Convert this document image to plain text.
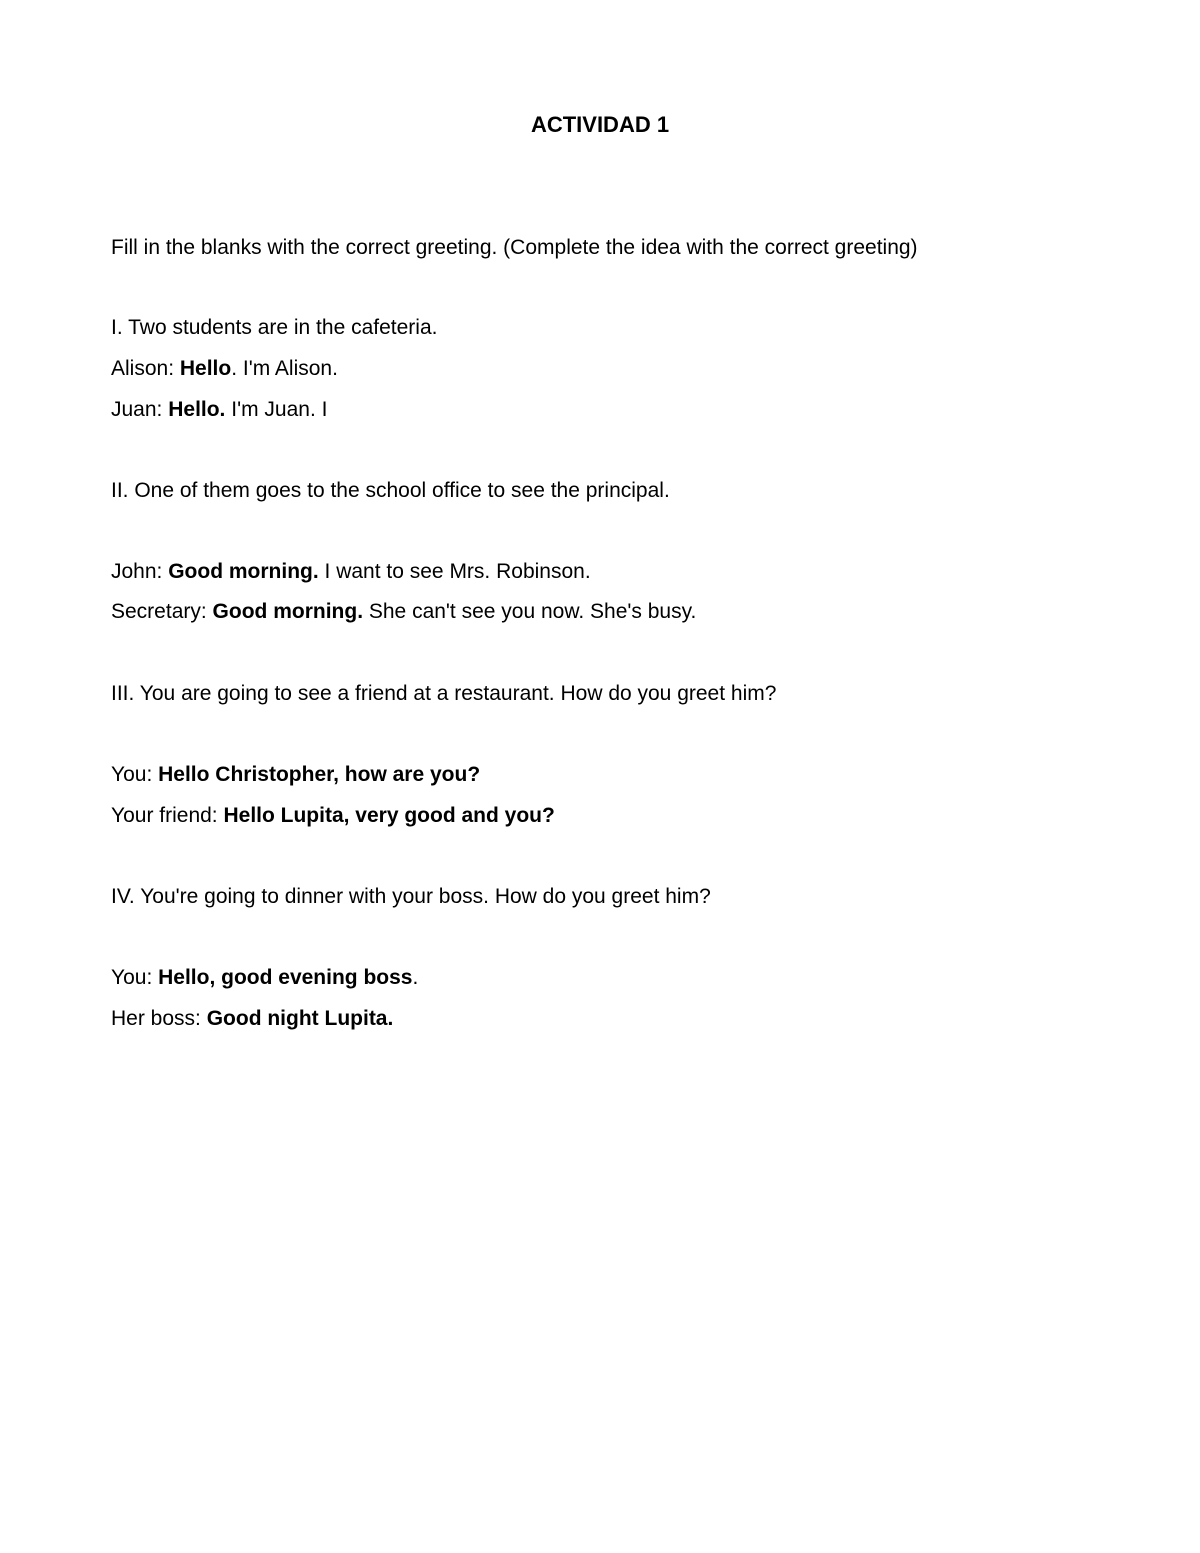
ACTIVIDAD 1
Fill in the blanks with the correct greeting. (Complete the idea with the correct greeting)
I. Two students are in the cafeteria.
Alison: Hello. I'm Alison.
Juan: Hello. I'm Juan. I
II. One of them goes to the school office to see the principal.
John: Good morning. I want to see Mrs. Robinson.
Secretary: Good morning. She can't see you now. She's busy.
III. You are going to see a friend at a restaurant. How do you greet him?
You: Hello Christopher, how are you?
Your friend: Hello Lupita, very good and you?
IV. You're going to dinner with your boss. How do you greet him?
You: Hello, good evening boss.
Her boss: Good night Lupita.
